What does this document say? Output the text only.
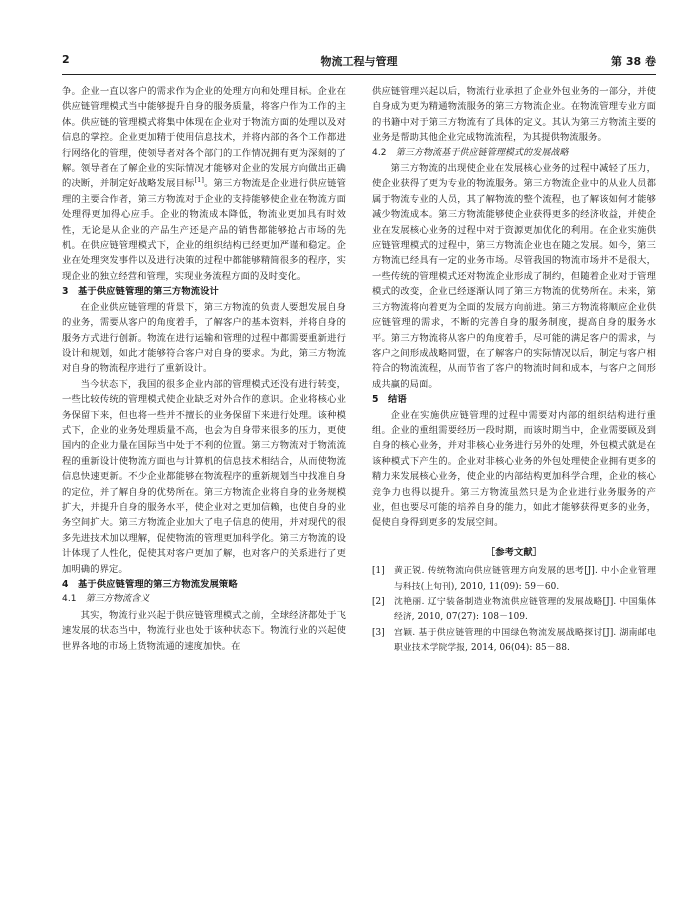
2	物流工程与管理	第 38 卷

争。企业一直以客户的需求作为企业的处理方向和处理目标。企业在供应链管理模式当中能够提升自身的服务质量，将客户作为工作的主体。供应链的管理模式将集中体现在企业对于物流方面的处理以及对信息的掌控。企业更加精于使用信息技术，并将内部的各个工作都进行网络化的管理，使领导者对各个部门的工作情况拥有更为深刻的了解。领导者在了解企业的实际情况才能够对企业的发展方向做出正确的决断，并制定好战略发展目标[1]。第三方物流是企业进行供应链管理的主要合作者，第三方物流对于企业的支持能够使企业在物流方面处理得更加得心应手。企业的物流成本降低，物流业更加具有时效性，无论是从企业的产品生产还是产品的销售都能够抢占市场的先机。在供应链管理模式下，企业的组织结构已经更加严谨和稳定。企业在处理突发事件以及进行决策的过程中都能够精简很多的程序，实现企业的独立经营和管理，实现业务流程方面的及时变化。

3　基于供应链管理的第三方物流设计

在企业供应链管理的背景下，第三方物流的负责人要想发展自身的业务，需要从客户的角度着手，了解客户的基本资料，并将自身的服务方式进行创新。物流在进行运输和管理的过程中都需要重新进行设计和规划，如此才能够符合客户对自身的要求。为此，第三方物流对自身的物流程序进行了重新设计。

当今状态下，我国的很多企业内部的管理模式还没有进行转变，一些比较传统的管理模式使企业缺乏对外合作的意识。企业将核心业务保留下来，但也将一些并不擅长的业务保留下来进行处理。该种模式下，企业的业务处理质量不高，也会为自身带来很多的压力，更使国内的企业力量在国际当中处于不利的位置。第三方物流对于物流流程的重新设计使物流方面也与计算机的信息技术相结合，从而使物流信息快速更新。不少企业都能够在物流程序的重新规划当中找准自身的定位，并了解自身的优势所在。第三方物流企业将自身的业务规模扩大，并提升自身的服务水平，使企业对之更加信赖，也使自身的业务空间扩大。第三方物流企业加大了电子信息的使用，并对现代的很多先进技术加以理解，促使物流的管理更加科学化。第三方物流的设计体现了人性化，促使其对客户更加了解，也对客户的关系进行了更加明确的界定。

4　基于供应链管理的第三方物流发展策略
4.1　 第三方物流含义

其实，物流行业兴起于供应链管理模式之前，全球经济都处于飞速发展的状态当中，物流行业也处于该种状态下。物流行业的兴起使世界各地的市场上货物流通的速度加快。在

供应链管理兴起以后，物流行业承担了企业外包业务的一部分，并使自身成为更为精通物流服务的第三方物流企业。在物流管理专业方面的书籍中对于第三方物流有了具体的定义。其认为第三方物流主要的业务是帮助其他企业完成物流流程，为其提供物流服务。

4.2　 第三方物流基于供应链管理模式的发展战略

第三方物流的出现使企业在发展核心业务的过程中减轻了压力，使企业获得了更为专业的物流服务。第三方物流企业中的从业人员都属于物流专业的人员，其了解物流的整个流程，也了解该如何才能够减少物流成本。第三方物流能够使企业获得更多的经济收益，并使企业在发展核心业务的过程中对于资源更加优化的利用。在企业实施供应链管理模式的过程中，第三方物流企业也在随之发展。如今，第三方物流已经具有一定的业务市场。尽管我国的物流市场并不是很大，一些传统的管理模式还对物流企业形成了制约，但随着企业对于管理模式的改变，企业已经逐渐认同了第三方物流的优势所在。未来，第三方物流将向着更为全面的发展方向前进。第三方物流将顺应企业供应链管理的需求，不断的完善自身的服务制度，提高自身的服务水平。第三方物流将从客户的角度着手，尽可能的满足客户的需求，与客户之间形成战略同盟，在了解客户的实际情况以后，制定与客户相符合的物流流程，从而节省了客户的物流时间和成本，与客户之间形成共赢的局面。

5　结语

企业在实施供应链管理的过程中需要对内部的组织结构进行重组。企业的重组需要经历一段时期，而该时期当中，企业需要顾及到自身的核心业务，并对非核心业务进行另外的处理，外包模式就是在该种模式下产生的。企业对非核心业务的外包处理使企业拥有更多的精力来发展核心业务，使企业的内部结构更加科学合理，企业的核心竞争力也得以提升。第三方物流虽然只是为企业进行业务服务的产业，但也要尽可能的培养自身的能力，如此才能够获得更多的业务，促使自身得到更多的发展空间。

［参考文献］
[1] 黄正锐. 传统物流向供应链管理方向发展的思考[J]. 中小企业管理与科技(上旬刊), 2010, 11(09): 59－60.
[2] 沈艳丽. 辽宁装备制造业物流供应链管理的发展战略[J]. 中国集体经济, 2010, 07(27): 108－109.
[3] 宫颖. 基于供应链管理的中国绿色物流发展战略探讨[J]. 湖南邮电职业技术学院学报, 2014, 06(04): 85－88.
